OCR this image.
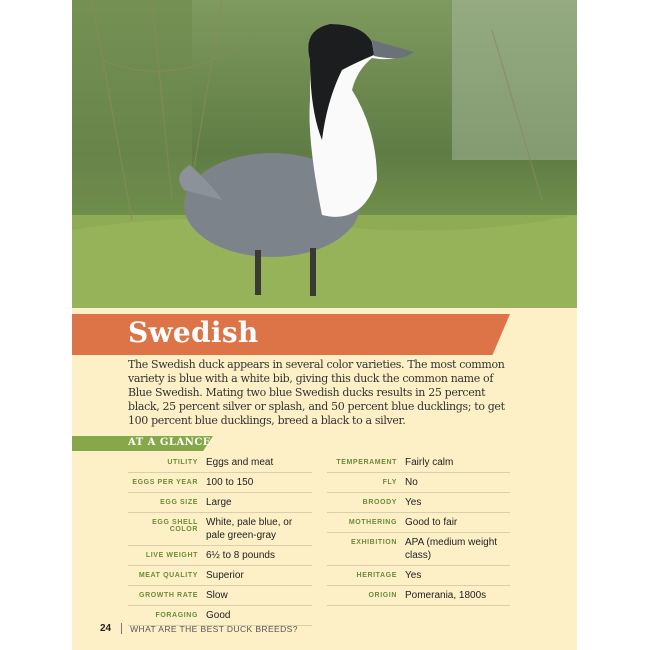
Swedish

The Swedish duck appears in several color varieties. The most common variety is blue with a white bib, giving this duck the common name of Blue Swedish. Mating two blue Swedish ducks results in 25 percent black, 25 percent silver or splash, and 50 percent blue ducklings; to get 100 percent blue ducklings, breed a black to a silver.

AT A GLANCE
UTILITY Eggs and meat
EGGS PER YEAR 100 to 150
EGG SIZE Large
EGG SHELL COLOR
White, pale blue, or pale green-gray
LIVE WEIGHT 6½ to 8 pounds
MEAT QUALITY Superior
GROWTH RATE Slow
FORAGING Good
TEMPERAMENT Fairly calm
FLY No
BROODY Yes
MOTHERING Good to fair
EXHIBITION APA (medium weight class)
HERITAGE Yes
ORIGIN Pomerania, 1800s
24 WHAT ARE THE BEST DUCK BREEDS?
